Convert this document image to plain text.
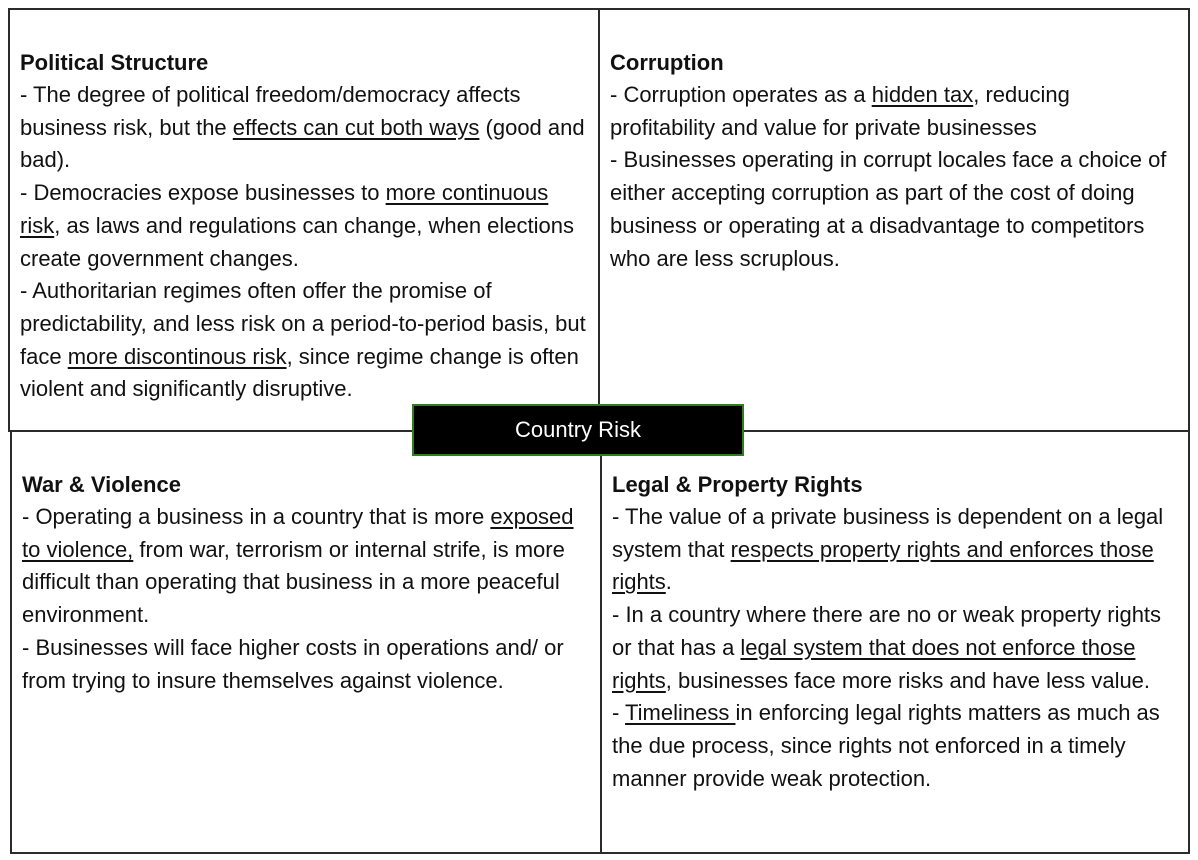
Political Structure
- The degree of political freedom/democracy affects business risk, but the effects can cut both ways (good and bad).
- Democracies expose businesses to more continuous risk, as laws and regulations can change, when elections create government changes.
- Authoritarian regimes often offer the promise of predictability, and less risk on a period-to-period basis, but face more discontinous risk, since regime change is often violent and significantly disruptive.
Corruption
- Corruption operates as a hidden tax, reducing profitability and value for private businesses
- Businesses operating in corrupt locales face a choice of either accepting corruption as part of the cost of doing business or operating at a disadvantage to competitors who are less scruplous.
War & Violence
- Operating a business in a country that is more exposed to violence, from war, terrorism or internal strife, is more difficult than operating that business in a more peaceful environment.
- Businesses will face higher costs in operations and/ or from trying to insure themselves against violence.
Legal & Property Rights
- The value of a private business is dependent on a legal system that respects property rights and enforces those rights.
- In a country where there are no or weak property rights or that has a legal system that does not enforce those rights, businesses face more risks and have less value.
- Timeliness in enforcing legal rights matters as much as the due process, since rights not enforced in a timely manner provide weak protection.
Country Risk
